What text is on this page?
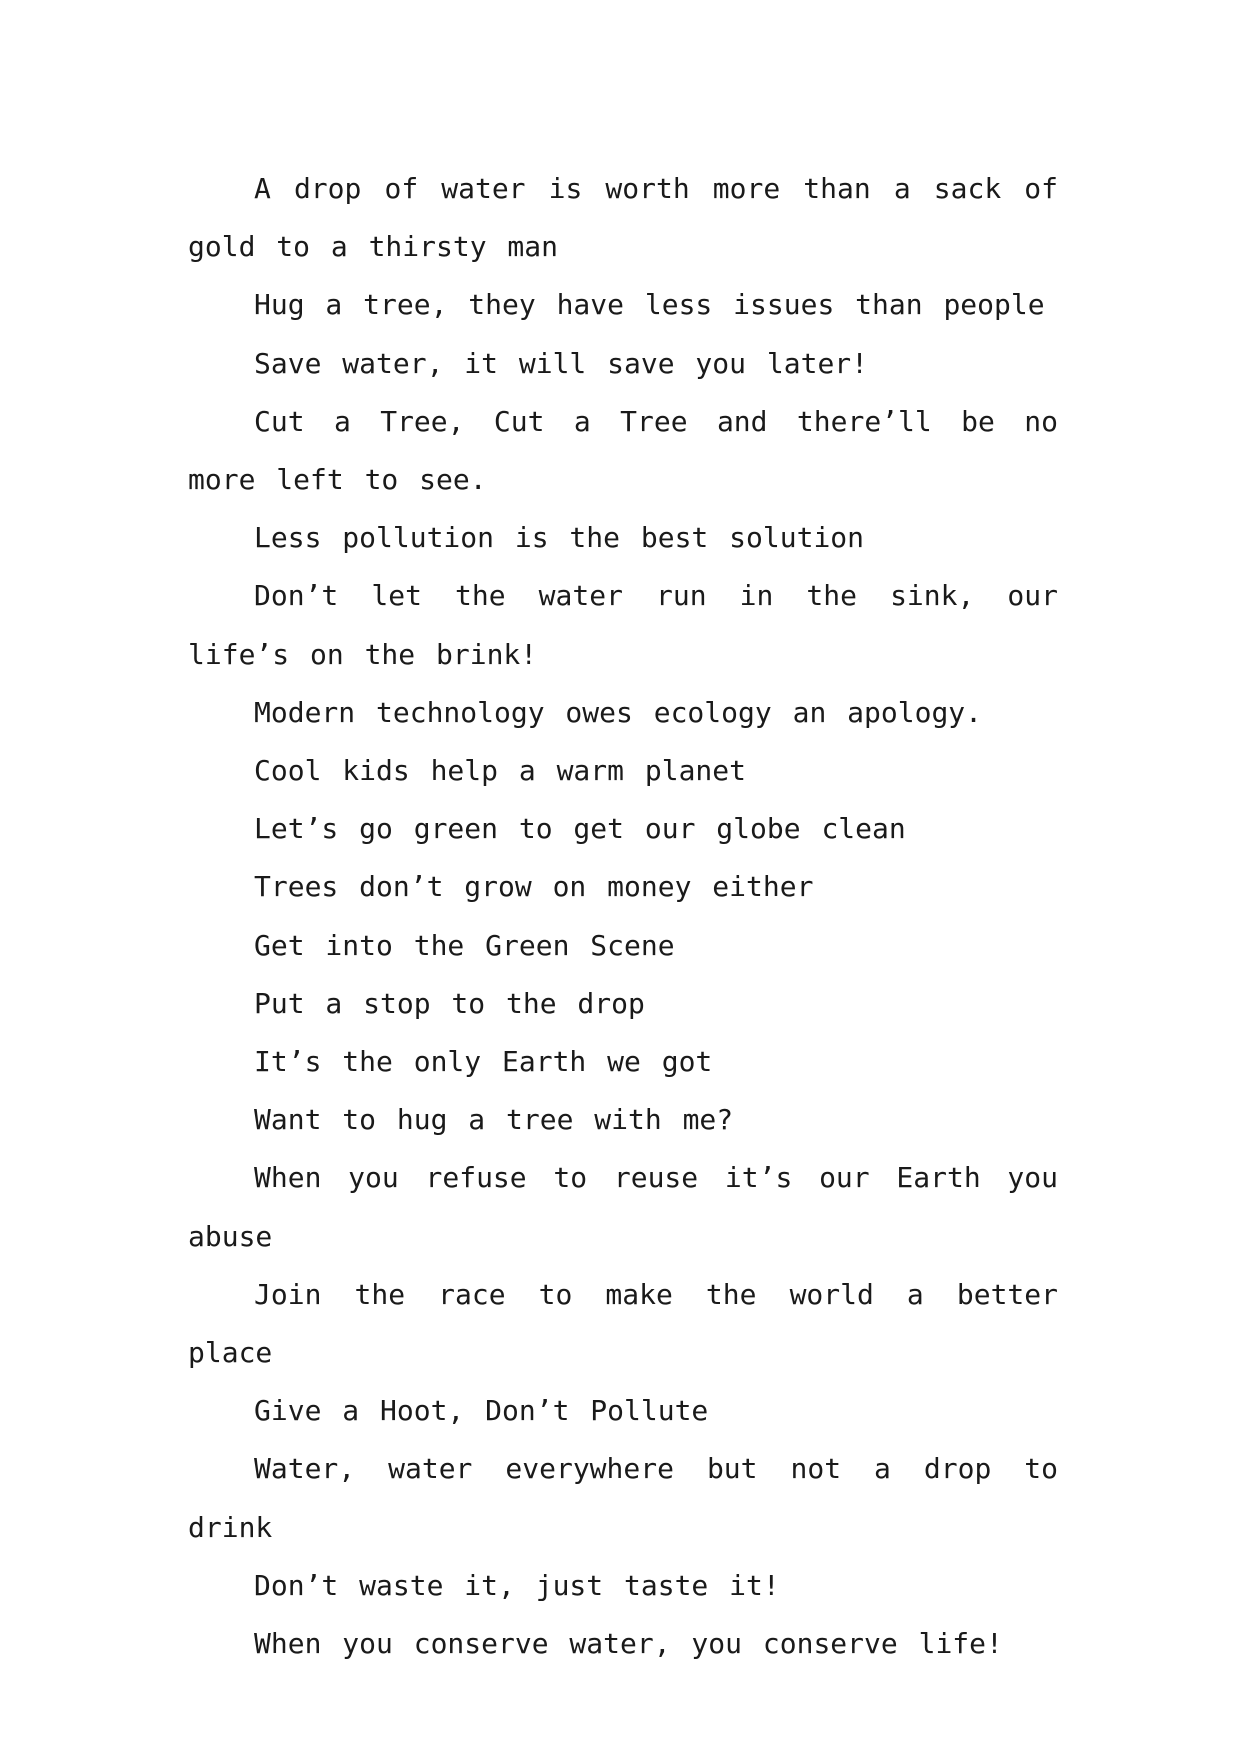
A drop of water is worth more than a sack of gold to a thirsty man

Hug a tree, they have less issues than people

Save water, it will save you later!

Cut a Tree, Cut a Tree and there’ll be no more left to see.

Less pollution is the best solution

Don’t let the water run in the sink, our life’s on the brink!

Modern technology owes ecology an apology.

Cool kids help a warm planet

Let’s go green to get our globe clean

Trees don’t grow on money either

Get into the Green Scene

Put a stop to the drop

It’s the only Earth we got

Want to hug a tree with me?

When you refuse to reuse it’s our Earth you abuse

Join the race to make the world a better place

Give a Hoot, Don’t Pollute

Water, water everywhere but not a drop to drink

Don’t waste it, just taste it!

When you conserve water, you conserve life!
